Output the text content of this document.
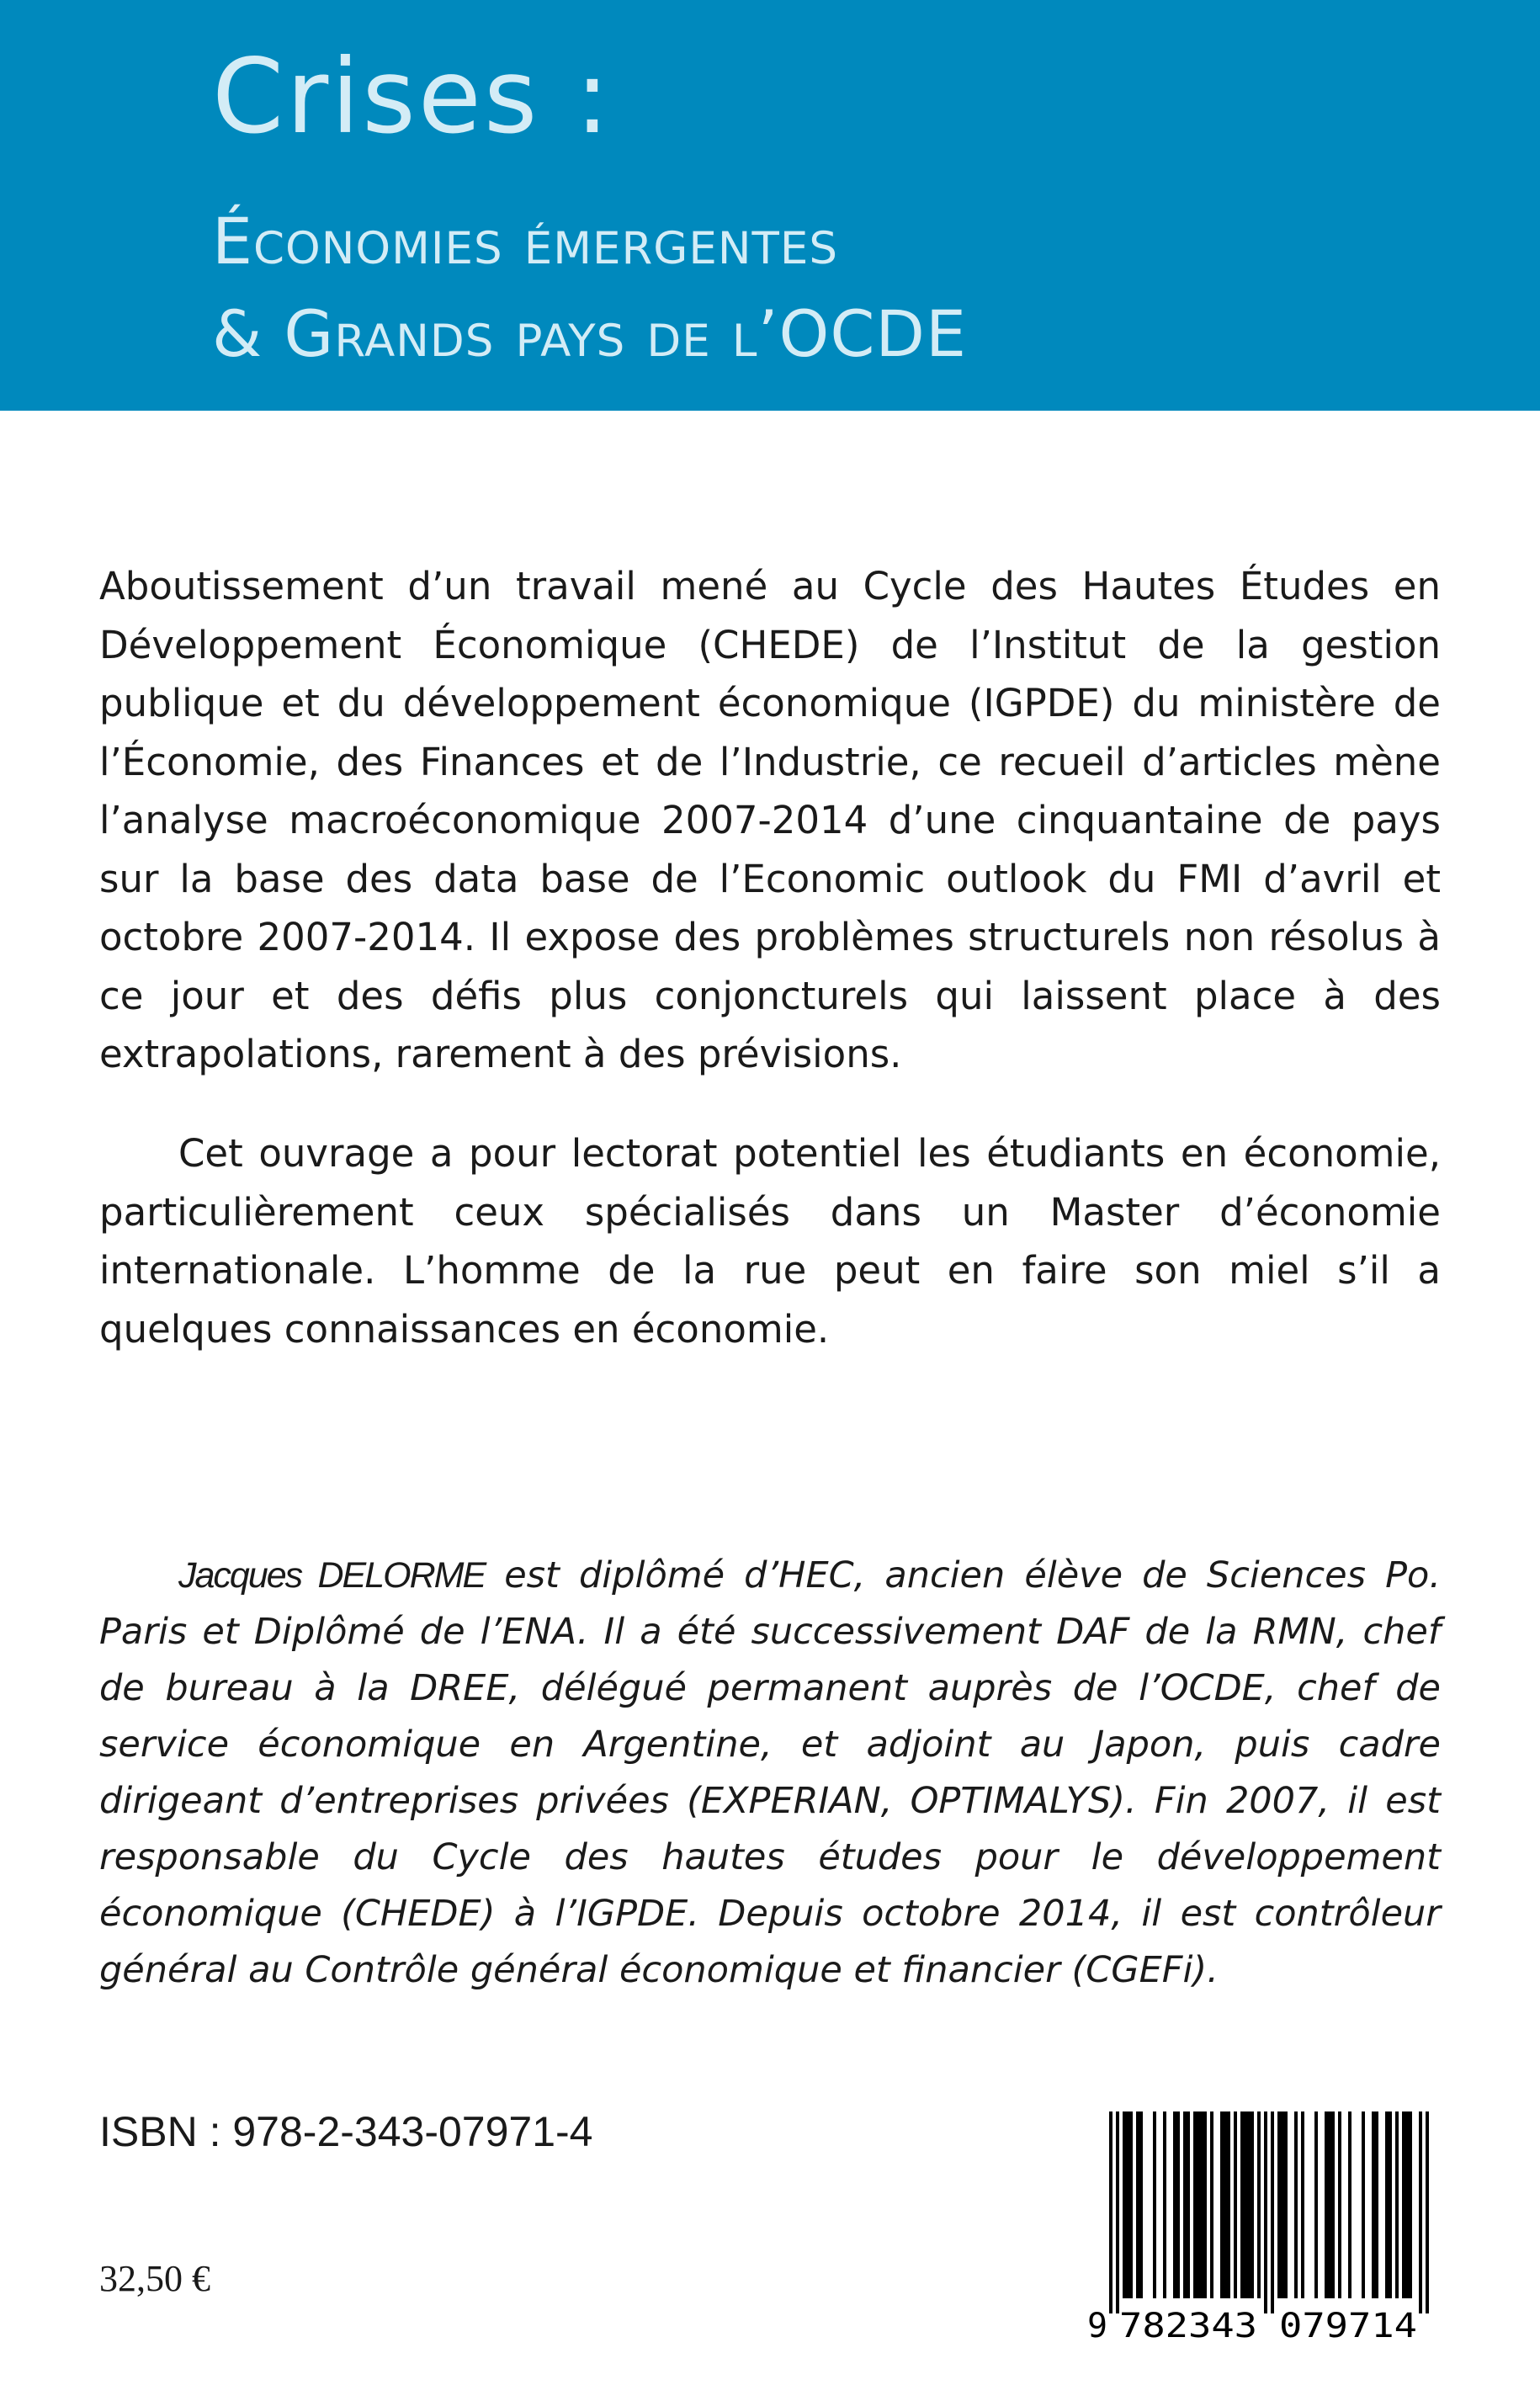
Crises :
Économies émergentes
& Grands pays de l’OCDE

Aboutissement d’un travail mené au Cycle des Hautes Études en Développement Économique (CHEDE) de l’Institut de la gestion publique et du développement économique (IGPDE) du ministère de l’Économie, des Finances et de l’Industrie, ce recueil d’articles mène l’analyse macroéconomique 2007-2014 d’une cinquantaine de pays sur la base des data base de l’Economic outlook du FMI d’avril et octobre 2007-2014. Il expose des problèmes structurels non résolus à ce jour et des défis plus conjoncturels qui laissent place à des extrapolations, rarement à des prévisions.

Cet ouvrage a pour lectorat potentiel les étudiants en économie, particulièrement ceux spécialisés dans un Master d’économie internationale. L’homme de la rue peut en faire son miel s’il a quelques connaissances en économie.

Jacques DELORME est diplômé d’HEC, ancien élève de Sciences Po. Paris et Diplômé de l’ENA. Il a été successivement DAF de la RMN, chef de bureau à la DREE, délégué permanent auprès de l’OCDE, chef de service économique en Argentine, et adjoint au Japon, puis cadre dirigeant d’entreprises privées (EXPERIAN, OPTIMALYS). Fin 2007, il est responsable du Cycle des hautes études pour le développement économique (CHEDE) à l’IGPDE. Depuis octobre 2014, il est contrôleur général au Contrôle général économique et financier (CGEFi).

ISBN : 978-2-343-07971-4

32,50 €

9 782343 079714
